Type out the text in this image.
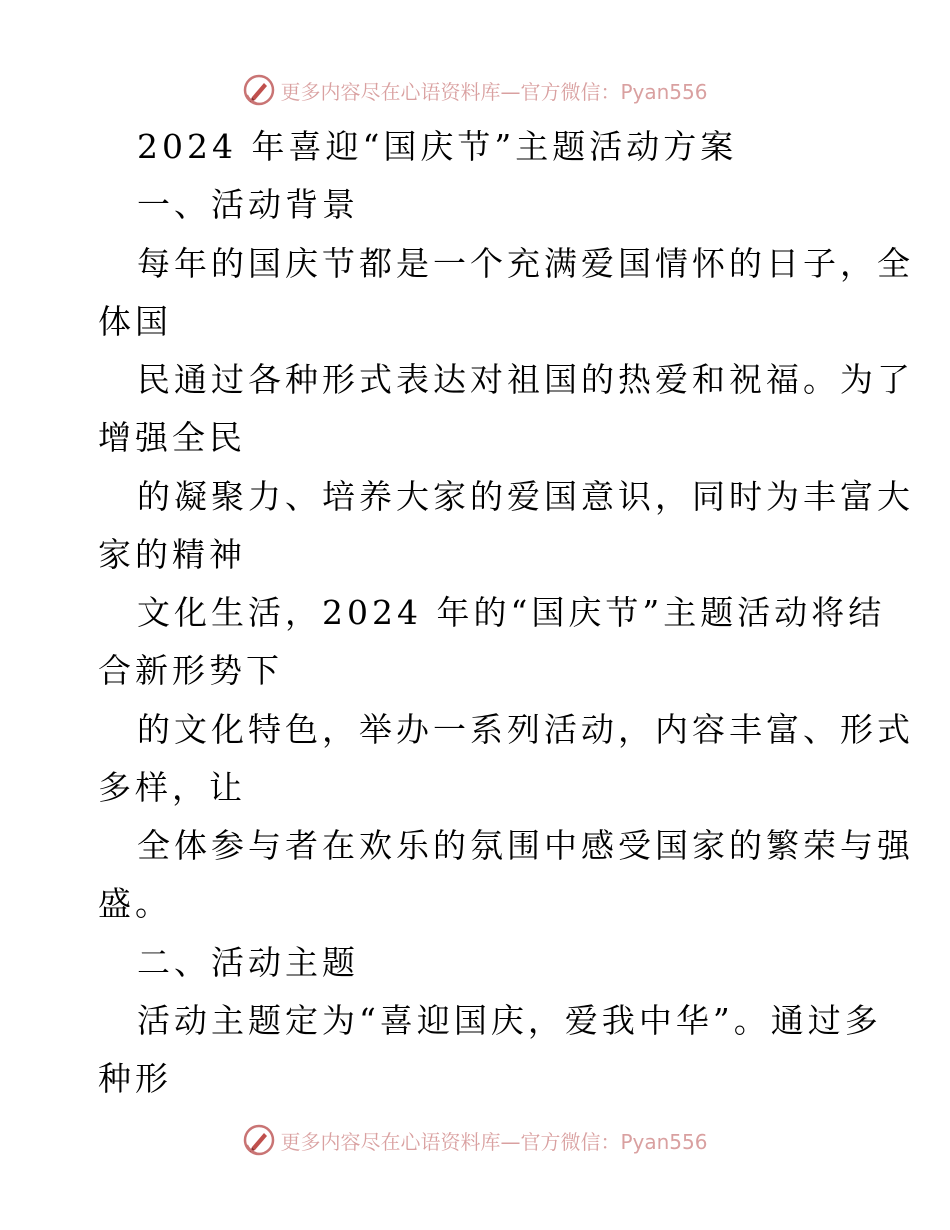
更多内容尽在心语资料库—官方微信：Pyan556
2024 年喜迎“国庆节”主题活动方案
一、活动背景
每年的国庆节都是一个充满爱国情怀的日子，全
体国
民通过各种形式表达对祖国的热爱和祝福。为了
增强全民
的凝聚力、培养大家的爱国意识，同时为丰富大
家的精神
文化生活，2024 年的“国庆节”主题活动将结
合新形势下
的文化特色，举办一系列活动，内容丰富、形式
多样，让
全体参与者在欢乐的氛围中感受国家的繁荣与强
盛。
二、活动主题
活动主题定为“喜迎国庆，爱我中华”。通过多
种形
更多内容尽在心语资料库—官方微信：Pyan556
